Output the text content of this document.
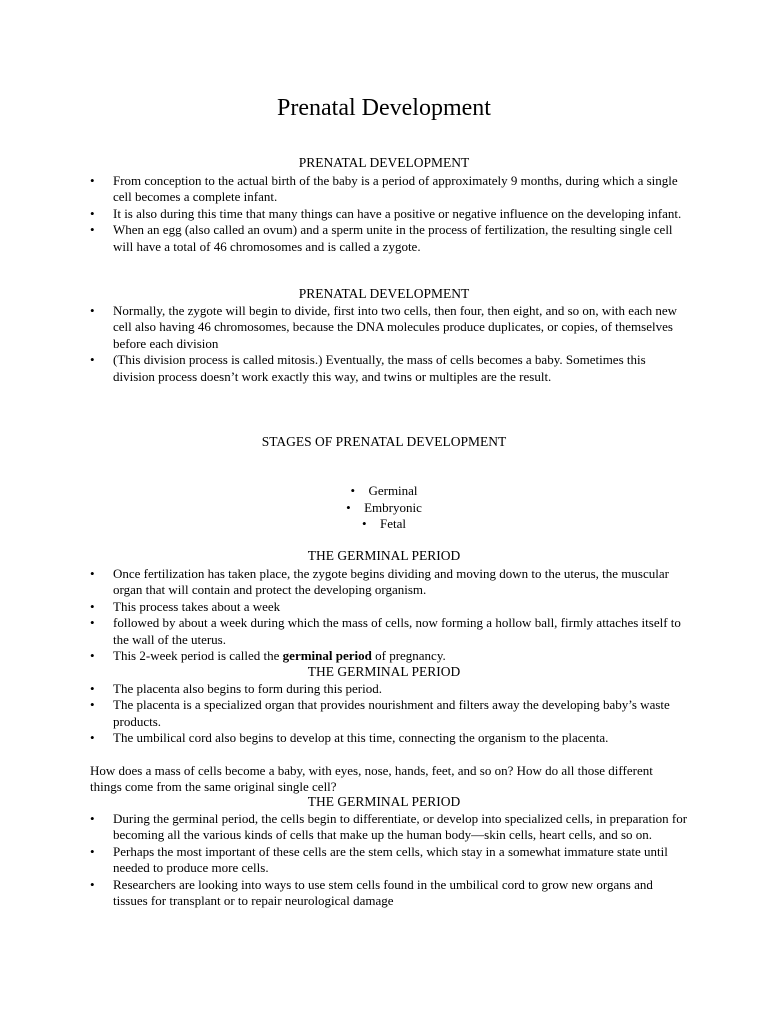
Prenatal Development
PRENATAL DEVELOPMENT
• From conception to the actual birth of the baby is a period of approximately 9 months, during which a single cell becomes a complete infant.
• It is also during this time that many things can have a positive or negative influence on the developing infant.
• When an egg (also called an ovum) and a sperm unite in the process of fertilization, the resulting single cell will have a total of 46 chromosomes and is called a zygote.
PRENATAL DEVELOPMENT
• Normally, the zygote will begin to divide, first into two cells, then four, then eight, and so on, with each new cell also having 46 chromosomes, because the DNA molecules produce duplicates, or copies, of themselves before each division
• (This division process is called mitosis.) Eventually, the mass of cells becomes a baby. Sometimes this division process doesn’t work exactly this way, and twins or multiples are the result.
STAGES OF PRENATAL DEVELOPMENT
• Germinal
• Embryonic
• Fetal
THE GERMINAL PERIOD
• Once fertilization has taken place, the zygote begins dividing and moving down to the uterus, the muscular organ that will contain and protect the developing organism.
• This process takes about a week
• followed by about a week during which the mass of cells, now forming a hollow ball, firmly attaches itself to the wall of the uterus.
• This 2-week period is called the germinal period of pregnancy.
THE GERMINAL PERIOD
• The placenta also begins to form during this period.
• The placenta is a specialized organ that provides nourishment and filters away the developing baby’s waste products.
• The umbilical cord also begins to develop at this time, connecting the organism to the placenta.

How does a mass of cells become a baby, with eyes, nose, hands, feet, and so on? How do all those different things come from the same original single cell?

THE GERMINAL PERIOD
• During the germinal period, the cells begin to differentiate, or develop into specialized cells, in preparation for becoming all the various kinds of cells that make up the human body—skin cells, heart cells, and so on.
• Perhaps the most important of these cells are the stem cells, which stay in a somewhat immature state until needed to produce more cells.
• Researchers are looking into ways to use stem cells found in the umbilical cord to grow new organs and tissues for transplant or to repair neurological damage
